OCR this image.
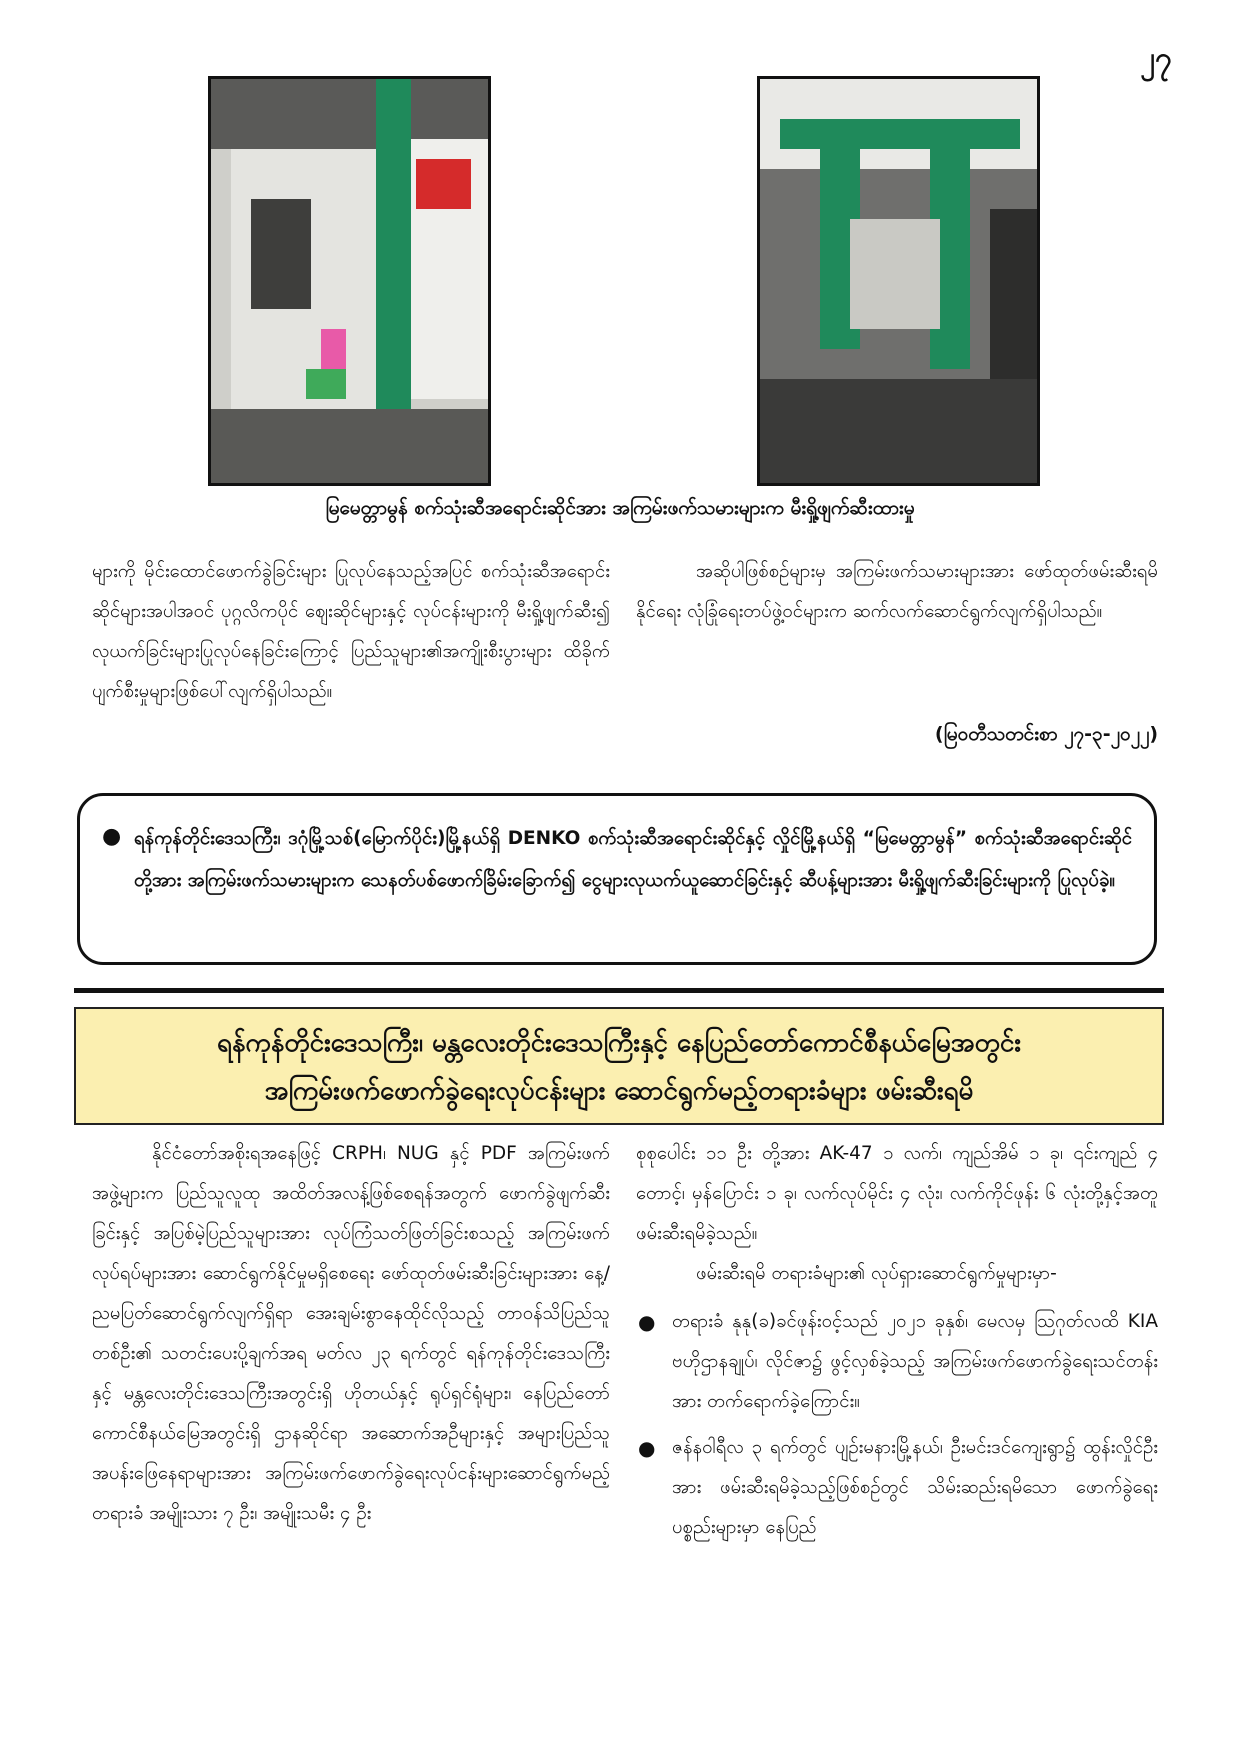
၂၇
မြမေတ္တာမွန် စက်သုံးဆီအရောင်းဆိုင်အား အကြမ်းဖက်သမားများက မီးရှို့ဖျက်ဆီးထားမှု

များကို မိုင်းထောင်ဖောက်ခွဲခြင်းများ ပြုလုပ်နေသည့်အပြင် စက်သုံးဆီအရောင်းဆိုင်များအပါအဝင် ပုဂ္ဂလိကပိုင် ဈေးဆိုင်များနှင့် လုပ်ငန်းများကို မီးရှို့ဖျက်ဆီး၍ လုယက်ခြင်းများပြုလုပ်နေခြင်းကြောင့် ပြည်သူများ၏အကျိုးစီးပွားများ ထိခိုက်ပျက်စီးမှုများဖြစ်ပေါ်လျက်ရှိပါသည်။

အဆိုပါဖြစ်စဉ်များမှ အကြမ်းဖက်သမားများအား ဖော်ထုတ်ဖမ်းဆီးရမိနိုင်ရေး လုံခြုံရေးတပ်ဖွဲ့ဝင်များက ဆက်လက်ဆောင်ရွက်လျက်ရှိပါသည်။

(မြဝတီသတင်းစာ ၂၇-၃-၂၀၂၂)
● ရန်ကုန်တိုင်းဒေသကြီး၊ ဒဂုံမြို့သစ်(မြောက်ပိုင်း)မြို့နယ်ရှိ DENKO စက်သုံးဆီအရောင်းဆိုင်နှင့် လှိုင်မြို့နယ်ရှိ “မြမေတ္တာမွန်” စက်သုံးဆီအရောင်းဆိုင်တို့အား အကြမ်းဖက်သမားများက သေနတ်ပစ်ဖောက်ခြိမ်းခြောက်၍ ငွေများလုယက်ယူဆောင်ခြင်းနှင့် ဆီပန့်များအား မီးရှို့ဖျက်ဆီးခြင်းများကို ပြုလုပ်ခဲ့။
ရန်ကုန်တိုင်းဒေသကြီး၊ မန္တလေးတိုင်းဒေသကြီးနှင့် နေပြည်တော်ကောင်စီနယ်မြေအတွင်း
အကြမ်းဖက်ဖောက်ခွဲရေးလုပ်ငန်းများ ဆောင်ရွက်မည့်တရားခံများ ဖမ်းဆီးရမိ

နိုင်ငံတော်အစိုးရအနေဖြင့် CRPH၊ NUG နှင့် PDF အကြမ်းဖက်အဖွဲ့များက ပြည်သူလူထု အထိတ်အလန့်ဖြစ်စေရန်အတွက် ဖောက်ခွဲဖျက်ဆီးခြင်းနှင့် အပြစ်မဲ့ပြည်သူများအား လုပ်ကြံသတ်ဖြတ်ခြင်းစသည့် အကြမ်းဖက်လုပ်ရပ်များအား ဆောင်ရွက်နိုင်မှုမရှိစေရေး ဖော်ထုတ်ဖမ်းဆီးခြင်းများအား နေ့/ညမပြတ်ဆောင်ရွက်လျက်ရှိရာ အေးချမ်းစွာနေထိုင်လိုသည့် တာဝန်သိပြည်သူတစ်ဦး၏ သတင်းပေးပို့ချက်အရ မတ်လ ၂၃ ရက်တွင် ရန်ကုန်တိုင်းဒေသကြီးနှင့် မန္တလေးတိုင်းဒေသကြီးအတွင်းရှိ ဟိုတယ်နှင့် ရုပ်ရှင်ရုံများ၊ နေပြည်တော်ကောင်စီနယ်မြေအတွင်းရှိ ဌာနဆိုင်ရာ အဆောက်အဦများနှင့် အများပြည်သူအပန်းဖြေနေရာများအား အကြမ်းဖက်ဖောက်ခွဲရေးလုပ်ငန်းများဆောင်ရွက်မည့် တရားခံ အမျိုးသား ၇ ဦး၊ အမျိုးသမီး ၄ ဦး

စုစုပေါင်း ၁၁ ဦး တို့အား AK-47 ၁ လက်၊ ကျည်အိမ် ၁ ခု၊ ၎င်းကျည် ၄ တောင့်၊ မှန်ပြောင်း ၁ ခု၊ လက်လုပ်မိုင်း ၄ လုံး၊ လက်ကိုင်ဖုန်း ၆ လုံးတို့နှင့်အတူ ဖမ်းဆီးရမိခဲ့သည်။

ဖမ်းဆီးရမိ တရားခံများ၏ လုပ်ရှားဆောင်ရွက်မှုများမှာ-

● တရားခံ နုနု(ခ)ခင်ဖုန်းဝင့်သည် ၂၀၂၁ ခုနှစ်၊ မေလမှ ဩဂုတ်လထိ KIA ဗဟိုဌာနချုပ်၊ လိုင်ဇာ၌ ဖွင့်လှစ်ခဲ့သည့် အကြမ်းဖက်ဖောက်ခွဲရေးသင်တန်းအား တက်ရောက်ခဲ့ကြောင်း။
● ဇန်နဝါရီလ ၃ ရက်တွင် ပျဉ်းမနားမြို့နယ်၊ ဦးမင်းဒင်ကျေးရွာ၌ ထွန်းလှိုင်ဦးအား ဖမ်းဆီးရမိခဲ့သည့်ဖြစ်စဉ်တွင် သိမ်းဆည်းရမိသော ဖောက်ခွဲရေးပစ္စည်းများမှာ နေပြည်
